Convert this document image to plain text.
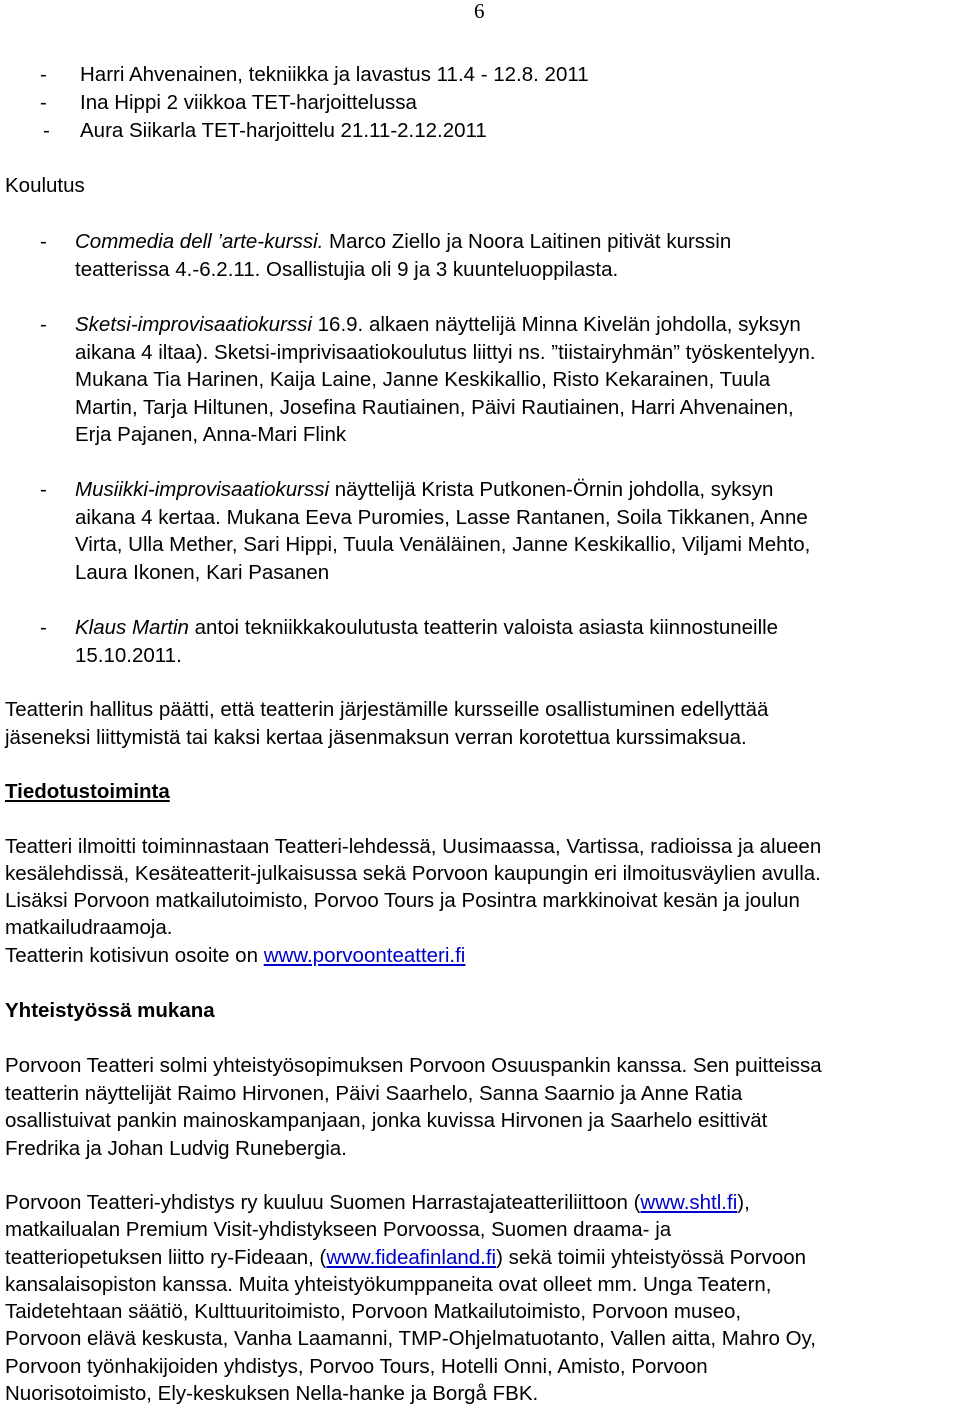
6
- Harri Ahvenainen, tekniikka ja lavastus 11.4 - 12.8. 2011
- Ina Hippi 2 viikkoa TET-harjoittelussa
- Aura Siikarla TET-harjoittelu 21.11-2.12.2011
Koulutus
- Commedia dell ’arte-kurssi. Marco Ziello ja Noora Laitinen pitivät kurssin
teatterissa 4.-6.2.11. Osallistujia oli 9 ja 3 kuunteluoppilasta.
- Sketsi-improvisaatiokurssi 16.9. alkaen näyttelijä Minna Kivelän johdolla, syksyn
aikana 4 iltaa). Sketsi-imprivisaatiokoulutus liittyi ns. ”tiistairyhmän” työskentelyyn.
Mukana Tia Harinen, Kaija Laine, Janne Keskikallio, Risto Kekarainen, Tuula
Martin, Tarja Hiltunen, Josefina Rautiainen, Päivi Rautiainen, Harri Ahvenainen,
Erja Pajanen, Anna-Mari Flink
- Musiikki-improvisaatiokurssi näyttelijä Krista Putkonen-Örnin johdolla, syksyn
aikana 4 kertaa. Mukana Eeva Puromies, Lasse Rantanen, Soila Tikkanen, Anne
Virta, Ulla Mether, Sari Hippi, Tuula Venäläinen, Janne Keskikallio, Viljami Mehto,
Laura Ikonen, Kari Pasanen
- Klaus Martin antoi tekniikkakoulutusta teatterin valoista asiasta kiinnostuneille
15.10.2011.
Teatterin hallitus päätti, että teatterin järjestämille kursseille osallistuminen edellyttää
jäseneksi liittymistä tai kaksi kertaa jäsenmaksun verran korotettua kurssimaksua.
Tiedotustoiminta
Teatteri ilmoitti toiminnastaan Teatteri-lehdessä, Uusimaassa, Vartissa, radioissa ja alueen
kesälehdissä, Kesäteatterit-julkaisussa sekä Porvoon kaupungin eri ilmoitusväylien avulla.
Lisäksi Porvoon matkailutoimisto, Porvoo Tours ja Posintra markkinoivat kesän ja joulun
matkailudraamoja.
Teatterin kotisivun osoite on www.porvoonteatteri.fi
Yhteistyössä mukana
Porvoon Teatteri solmi yhteistyösopimuksen Porvoon Osuuspankin kanssa. Sen puitteissa
teatterin näyttelijät Raimo Hirvonen, Päivi Saarhelo, Sanna Saarnio ja Anne Ratia
osallistuivat pankin mainoskampanjaan, jonka kuvissa Hirvonen ja Saarhelo esittivät
Fredrika ja Johan Ludvig Runebergia.
Porvoon Teatteri-yhdistys ry kuuluu Suomen Harrastajateatteriliittoon (www.shtl.fi),
matkailualan Premium Visit-yhdistykseen Porvoossa, Suomen draama- ja
teatteriopetuksen liitto ry-Fideaan, (www.fideafinland.fi) sekä toimii yhteistyössä Porvoon
kansalaisopiston kanssa. Muita yhteistyökumppaneita ovat olleet mm. Unga Teatern,
Taidetehtaan säätiö, Kulttuuritoimisto, Porvoon Matkailutoimisto, Porvoon museo,
Porvoon elävä keskusta, Vanha Laamanni, TMP-Ohjelmatuotanto, Vallen aitta, Mahro Oy,
Porvoon työnhakijoiden yhdistys, Porvoo Tours, Hotelli Onni, Amisto, Porvoon
Nuorisotoimisto, Ely-keskuksen Nella-hanke ja Borgå FBK.
